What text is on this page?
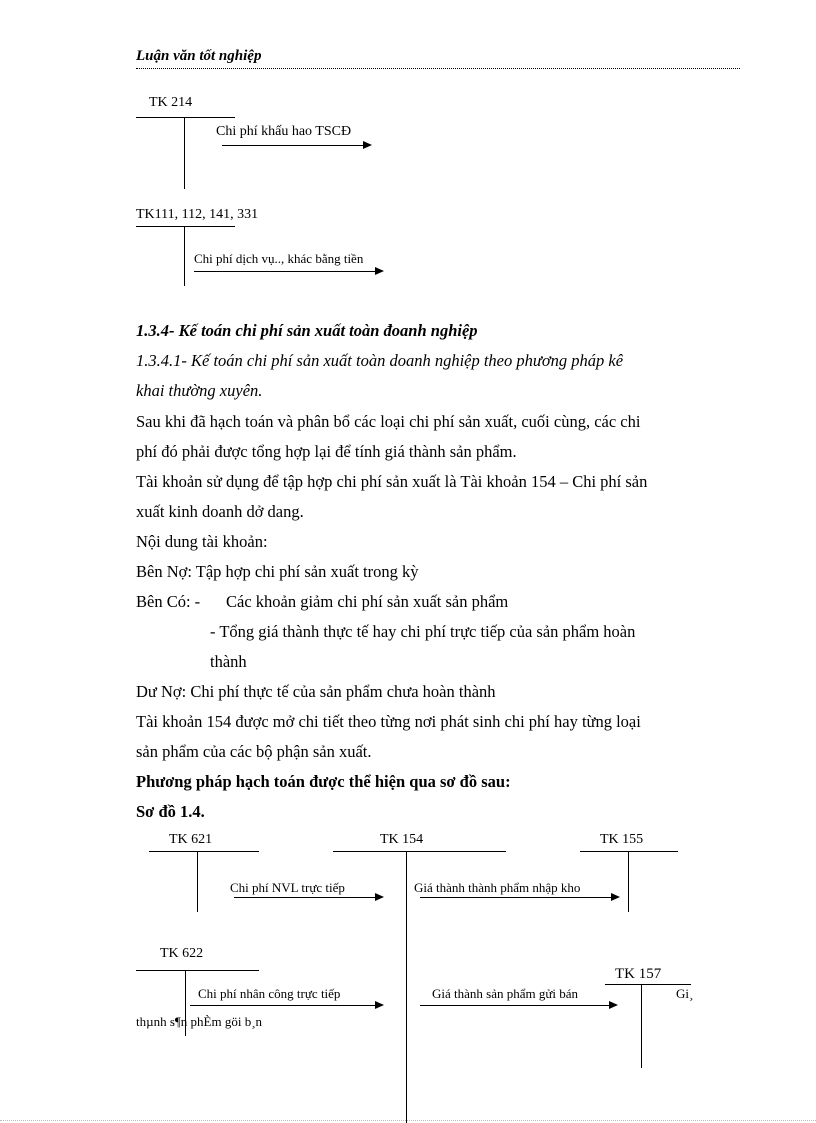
Luận văn tốt nghiệp
TK 214
Chi phí khấu hao TSCĐ
TK111, 112, 141, 331
Chi phí dịch vụ.., khác bằng tiền
1.3.4- Kế toán chi phí sản xuất toàn đoanh nghiệp
1.3.4.1- Kế toán chi phí sản xuất toàn doanh nghiệp theo phương pháp kê
khai thường xuyên.
Sau khi đã hạch toán và phân bổ các loại chi phí sản xuất, cuối cùng, các chi
phí đó phải được tổng hợp lại để tính giá thành sản phẩm.
Tài khoản sử dụng để tập hợp chi phí sản xuất là Tài khoản 154 – Chi phí sản
xuất kinh doanh dở dang.
Nội dung tài khoản:
Bên Nợ: Tập hợp chi phí sản xuất trong kỳ
Bên Có: - Các khoản giảm chi phí sản xuất sản phẩm
- Tổng giá thành thực tế hay chi phí trực tiếp của sản phẩm hoàn
thành
Dư Nợ: Chi phí thực tế của sản phẩm chưa hoàn thành
Tài khoản 154 được mở chi tiết theo từng nơi phát sinh chi phí hay từng loại
sản phẩm của các bộ phận sản xuất.
Phương pháp hạch toán được thể hiện qua sơ đồ sau:
Sơ đồ 1.4.
TK 621	TK 154	TK 155
Chi phí NVL trực tiếp	Giá thành thành phẩm nhập kho
TK 622
TK 157
Chi phí nhân công trực tiếp	Giá thành sản phẩm gửi bán	Gi¸
thµnh s¶n phÈm göi b¸n
